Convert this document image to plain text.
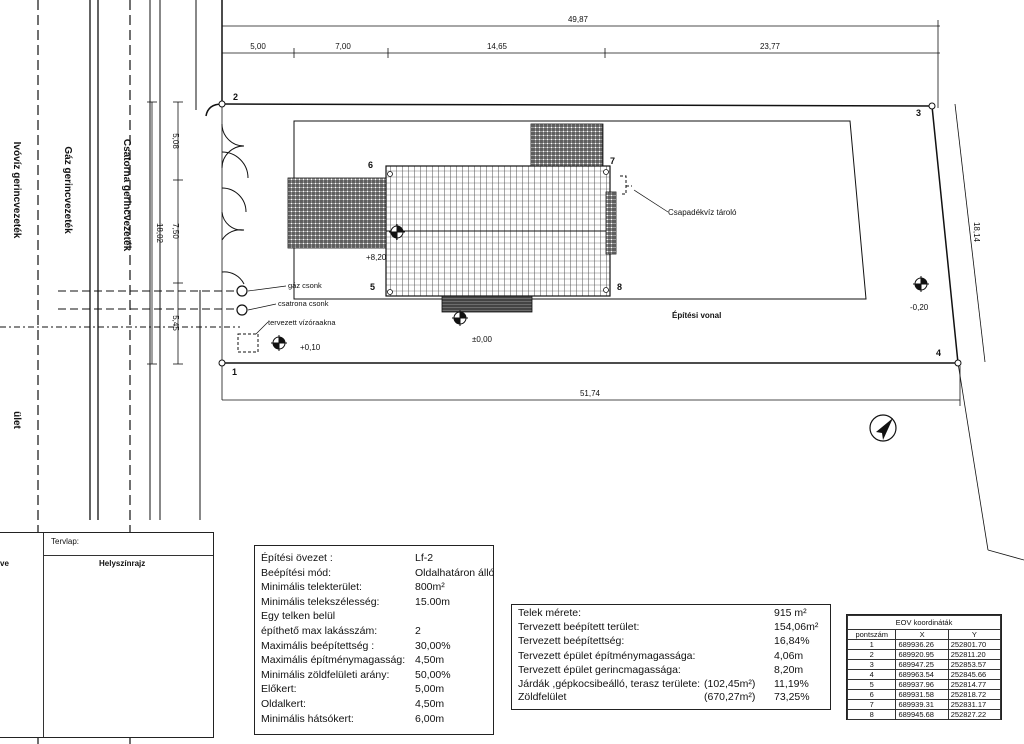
Ivóvíz gerincvezeték	Gáz gerincvezeték	Csatorna gerincvezeték
ület
49,87
5,00	7,00	14,65	23,77
51,74
18,02
5,08
7,50
5,45
18,14
1
2
3
4
5
6	7
8
+8,20
±0,00
+0,10
-0,20
gáz csonk
csatrona csonk
tervezett vízóraakna
Csapadékvíz tároló
Építési vonal
Tervlap:
Helyszínrajz
ve	Építési övezet :	Lf-2
Beépítési mód:	Oldalhatáron álló
Minimális telekterület:	800m²
Minimális telekszélesség:	15.00m
Egy telken belül
építhető max lakásszám:	2
Maximális beépítettség :	30,00%
Maximális építménymagasság: 4,50m
Minimális zöldfelületi arány: 50,00%
Előkert:	5,00m
Oldalkert:	4,50m
Minimális hátsókert:	6,00m
Telek mérete:	915 m²
Tervezett beépített terület:	154,06m²
Tervezett beépítettség:	16,84%
Tervezett épület építménymagassága:	4,06m
Tervezett épület gerincmagassága:	8,20m
Járdák ,gépkocsibeálló, terasz területe: (102,45m²) 11,19%
Zöldfelület	(670,27m²) 73,25%
EOV koordináták		
pontszám	X	Y
1	689936.26	252801.70
2	689920.95	252811.20
3	689947.25	252853.57
4	689963.54	252845.66
5	689937.96	252814.77
6	689931.58	252818.72
7	689939.31	252831.17
8	689945.68	252827.22
